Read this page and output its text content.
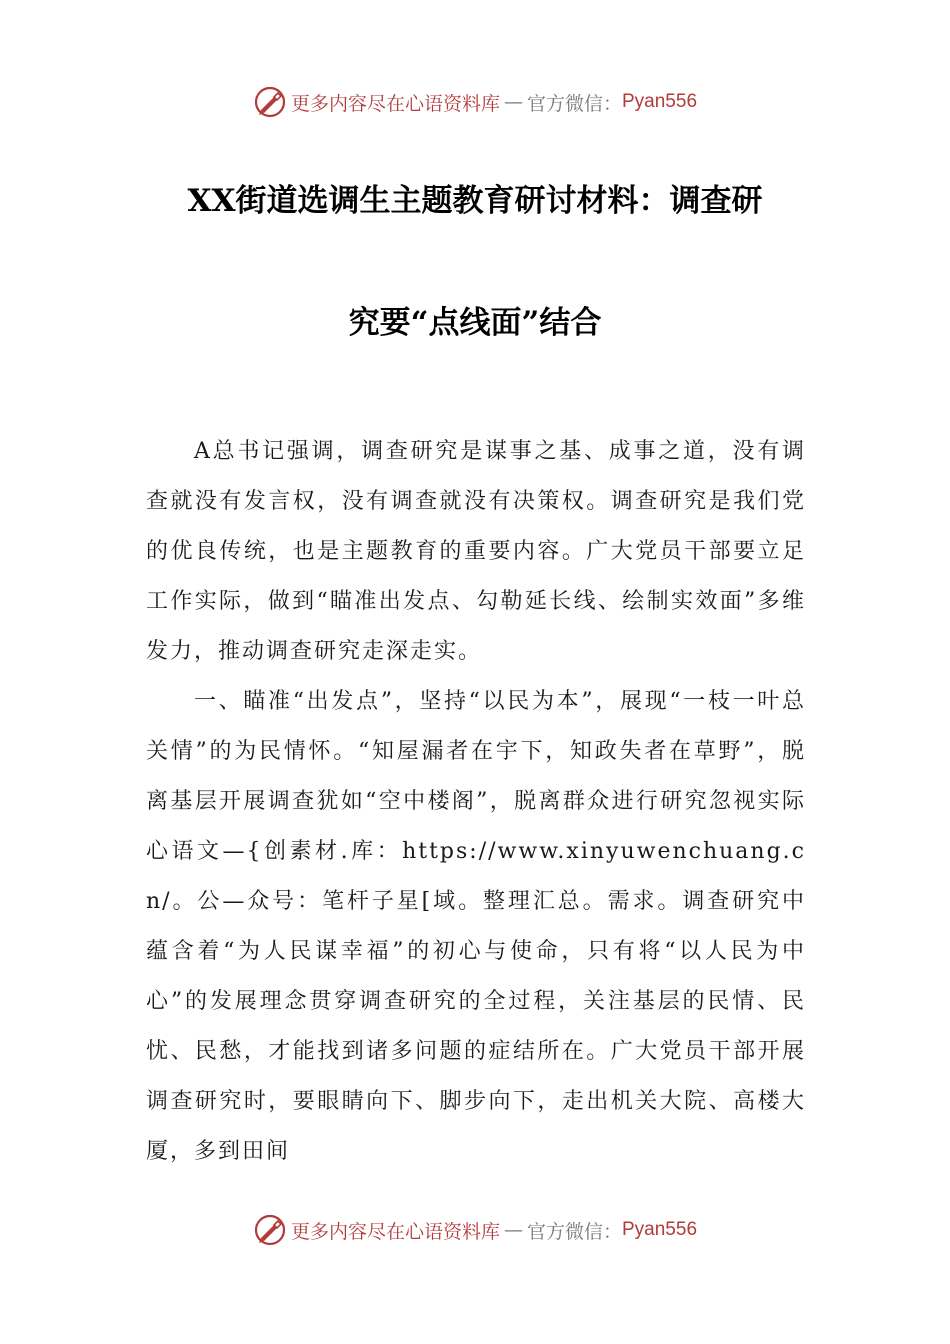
更多内容尽在心语资料库 — 官方微信： Pyan556
XX街道选调生主题教育研讨材料：调查研
究要“点线面”结合

A总书记强调，调查研究是谋事之基、成事之道，没有调查就没有发言权，没有调查就没有决策权。调查研究是我们党的优良传统，也是主题教育的重要内容。广大党员干部要立足工作实际，做到“瞄准出发点、勾勒延长线、绘制实效面”多维发力，推动调查研究走深走实。

一、瞄准“出发点”，坚持“以民为本”，展现“一枝一叶总关情”的为民情怀。“知屋漏者在宇下，知政失者在草野”，脱离基层开展调查犹如“空中楼阁”，脱离群众进行研究忽视实际心语文—{创素材.库：https://www.xinyuwenchuang.cn/。公—众号：笔杆子星[域。整理汇总。需求。调查研究中蕴含着“为人民谋幸福”的初心与使命，只有将“以人民为中心”的发展理念贯穿调查研究的全过程，关注基层的民情、民忧、民愁，才能找到诸多问题的症结所在。广大党员干部开展调查研究时，要眼睛向下、脚步向下，走出机关大院、高楼大厦，多到田间

更多内容尽在心语资料库 — 官方微信： Pyan556
